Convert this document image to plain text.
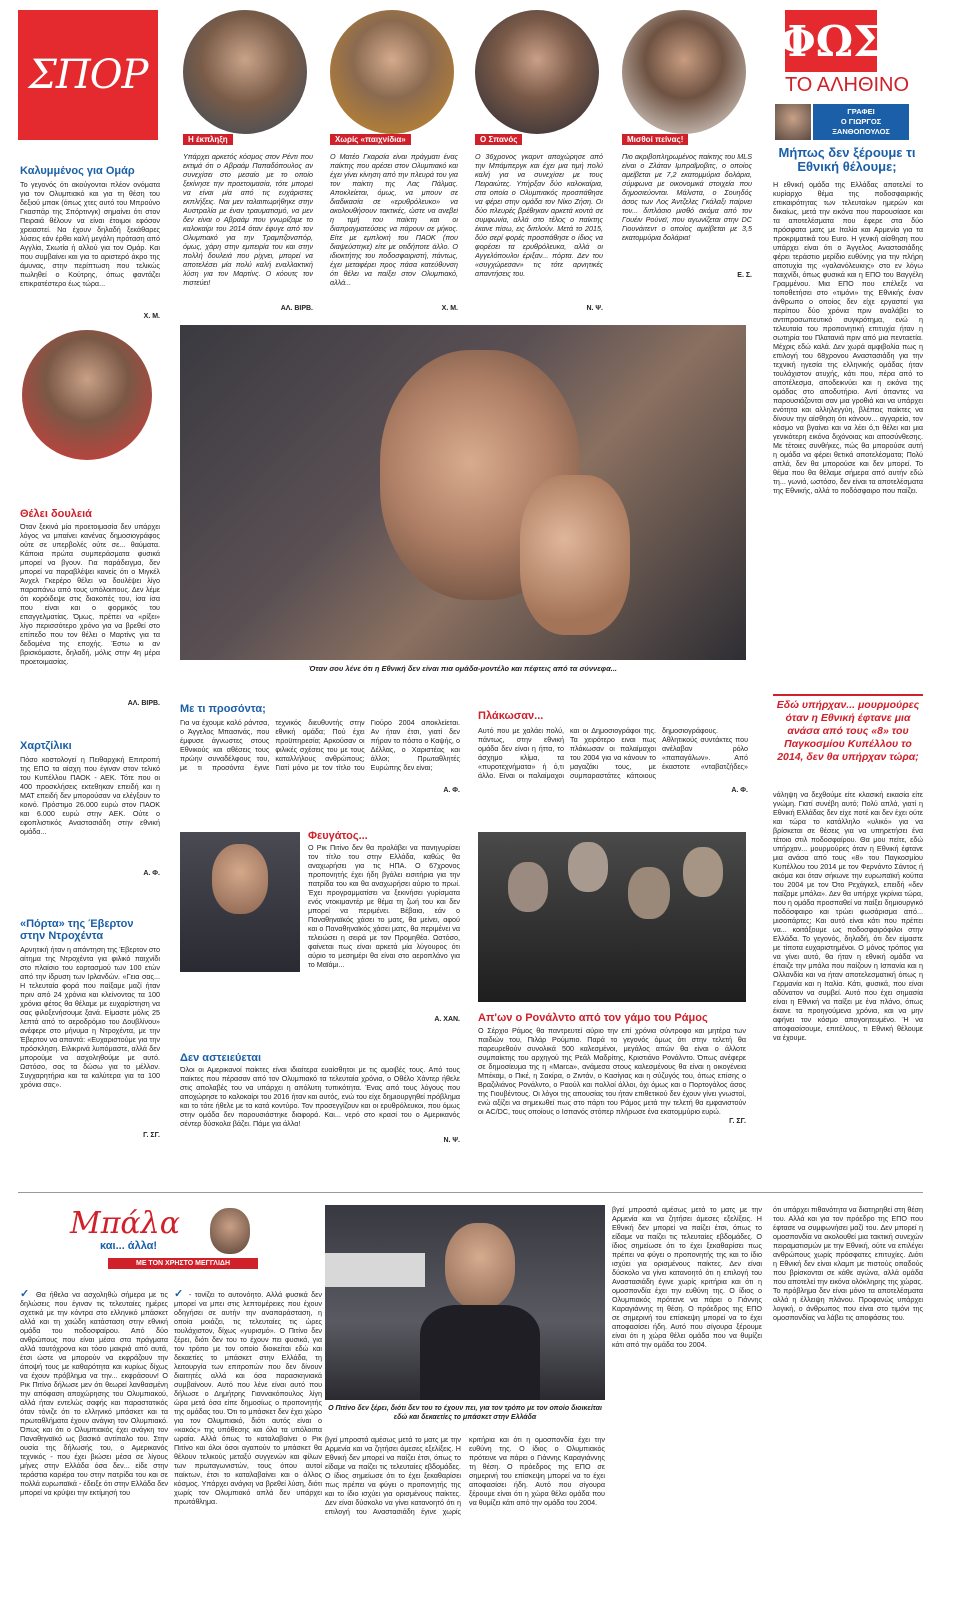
ΣΠΟΡ
Η έκπληξη	Χωρίς «παιχνίδια»	Ο Σπανός	Μισθοί πείνας!
ΦΩΣ
ΤΟ ΑΛΗΘΙΝΟ
ΓΡΑΦΕΙ
Ο ΓΙΩΡΓΟΣ ΞΑΝΘΟΠΟΥΛΟΣ
Μήπως δεν ξέρουμε τι Εθνική θέλουμε;
Η εθνική ομάδα της Ελλάδας αποτελεί το κυρίαρχο θέμα της ποδοσφαιρικής επικαιρότητας των τελευταίων ημερών και δικαίως, μετά την εικόνα που παρουσίασε και τα αποτελέσματα που έφερε στα δύο πρόσφατα ματς με Ιταλία και Αρμενία για τα προκριματικά του Euro. Η γενική αίσθηση που υπάρχει είναι ότι ο Άγγελος Αναστασιάδης φέρει τεράστιο μερίδιο ευθύνης για την πλήρη αποτυχία της «γαλανόλευκης» στο εν λόγω παιχνίδι, όπως φυσικά και η ΕΠΟ του Βαγγέλη Γραμμένου. Μια ΕΠΟ που επέλεξε να τοποθετήσει στο «τιμόνι» της Εθνικής έναν άνθρωπο ο οποίος δεν είχε εργαστεί για περίπου δύο χρόνια πριν αναλάβει το αντιπροσωπευτικό συγκρότημα, ενώ η τελευταία του προπονητική επιτυχία ήταν η σωτηρία του Πλατανιά πριν από μια πενταετία. Μέχρις εδώ καλά. Δεν χωρά αμφιβολία πως η επιλογή του 68χρονου Αναστασιάδη για την τεχνική ηγεσία της ελληνικής ομάδας ήταν τουλάχιστον ατυχής, κάτι που, πέρα από το αποτέλεσμα, αποδεικνύει και η εικόνα της ομάδας στο αποδυτήριο. Αντί όπαντες να παρουσιάζονται σαν μια γροθιά και να υπάρχει ενότητα και αλληλεγγύη, βλέπεις παίκτες να δίνουν την αίσθηση ότι κάνουν... αγγαρεία, τον κόσμο να βγαίνει και να λέει ό,τι θέλει και μια γενικότερη εικόνα διχόνοιας και αποσύνθεσης. Με τέτοιες συνθήκες, πώς θα μπορούσε αυτή η ομάδα να φέρει θετικά αποτελέσματα; Πολύ απλά, δεν θα μπορούσε και δεν μπορεί. Το θέμα που θα θέλαμε σήμερα από αυτήν εδώ τη... γωνιά, ωστόσο, δεν είναι τα αποτελέσματα της Εθνικής, αλλά το ποδόσφαιρο που παίζει.
Εδώ υπήρχαν... μουρμούρες όταν η Εθνική έφτανε μια ανάσα από τους «8» του Παγκοσμίου Κυπέλλου το 2014, δεν θα υπήρχαν τώρα;
νάληψη να δεχθούμε είτε κλασική εικασία είτε γνώμη. Γιατί συνέβη αυτό; Πολύ απλά, γιατί η Εθνική Ελλάδας δεν είχε ποτέ και δεν έχει ούτε και τώρα το κατάλληλο «υλικό» για να βρίσκεται σε θέσεις για να υπηρετήσει ένα τέτοιο στιλ ποδοσφαίρου. Θα μου πείτε, εδώ υπήρχαν... μουρμούρες όταν η Εθνική έφτανε μια ανάσα από τους «8» του Παγκοσμίου Κυπέλλου του 2014 με τον Φερνάντο Σάντος ή ακόμα και όταν σήκωνε την ευρωπαϊκή κούπα του 2004 με τον Ότο Ρεχάγκελ, επειδή «δεν παίζαμε μπάλα». Δεν θα υπήρχε γκρίνια τώρα, που η ομάδα προσπαθεί να παίξει δημιουργικό ποδόσφαιρο και τρώει φωσάρισμα από... μισοπάρτες; Και αυτό είναι κάτι που πρέπει να... κοιτάξουμε ως ποδοσφαιρόφιλοι στην Ελλάδα. Το γεγονός, δηλαδή, ότι δεν είμαστε με τίποτα ευχαριστημένοι. Ο μόνος τρόπος για να γίνει αυτό, θα ήταν η εθνική ομάδα να έπαιζε την μπάλα που παίζουν η Ισπανία και η Ολλανδία και να ήταν αποτελεσματική όπως η Γερμανία και η Ιταλία. Κάτι, φυσικά, που είναι αδύνατον να συμβεί. Αυτό που έχει σημασία είναι η Εθνική να παίξει με ένα πλάνο, όπως έκανε τα προηγούμενα χρόνια, και να μην αφήνει τον κόσμο απογοητευμένο. Ή να αποφασίσουμε, επιτέλους, τι Εθνική θέλουμε να έχουμε.
Υπάρχει αρκετός κόσμος στον Ρέντι που εκτιμά ότι ο Αβραάμ Παπαδόπουλος αν συνεχίσει στο μεσαίο με το οποίο ξεκίνησε την προετοιμασία, τότε μπορεί να είναι μία από τις ευχάριστες εκπλήξεις. Ναι μεν ταλαιπωρήθηκε στην Αυστραλία με έναν τραυματισμό, να μεν δεν είναι ο Αβραάμ που γνωρίζαμε το καλοκαίρι του 2014 όταν έφυγε από τον Ολυμπιακό για την Τραμπζονσπόρ, όμως, χάρη στην εμπειρία του και στην πολλή δουλειά που ρίχνει, μπορεί να αποτελέσει μία πολύ καλή εναλλακτική λύση για τον Μαρτίνς. Ο κόουτς τον πιστεύει!
ΑΛ. ΒΙΡΒ.
Ο Ματέο Γκαρσία είναι πράγματι ένας παίκτης που αρέσει στον Ολυμπιακό και έχει γίνει κίνηση από την πλευρά του για τον παίκτη της Λας Πάλμας. Αποκλείεται, όμως, να μπουν σε διαδικασία σε «ερυθρόλευκο» να ακολουθήσουν τακτικές, ώστε να ανεβεί η τιμή του παίκτη και οι διαπραγματεύσεις να πάρουν σε μήκος. Είτε με εμπλοκή του ΠΑΟΚ (που διαψεύστηκε) είτε με οτιδήποτε άλλο. Ο ιδιοκτήτης του ποδοσφαιριστή, πάντως, έχει μεταφέρει προς πάσα κατεύθυνση ότι θέλει να παίξει στον Ολυμπιακό, αλλά...
Χ. Μ.
Ο 36χρονος γκαρντ αποχώρησε από την Μπάμπεργκ και έχει μια τιμή πολύ καλή για να συνεχίσει με τους Πειραιώτες. Υπήρξαν δύο καλοκαίρια, στα οποία ο Ολυμπιακός προσπάθησε να φέρει στην ομάδα τον Νίκο Ζήση. Οι δύο πλευρές βρέθηκαν αρκετά κοντά σε συμφωνία, αλλά στο τέλος ο παίκτης έκανε πίσω, εις διπλούν. Μετά το 2015, δύο σερί φορές προσπάθησε ο ίδιος να φορέσει τα ερυθρόλευκα, αλλά οι Αγγελόπουλοι έριξαν... πόρτα. Δεν του «συγχώρεσαν» τις τότε αρνητικές απαντήσεις του.
Ν. Ψ.
Πιο ακριβοπληρωμένος παίκτης του MLS είναι ο Ζλάταν Ιμπραΐμοβιτς, ο οποίος αμείβεται με 7,2 εκατομμύρια δολάρια, σύμφωνα με οικονομικά στοιχεία που δημοσιεύονται. Μάλιστα, ο Σουηδός άσος των Λος Άντζελες Γκάλαξι παίρνει τον... διπλάσιο μισθό ακόμα από τον Γουέιν Ρούνεϊ, που αγωνίζεται στην DC Γιουνάιτεντ ο οποίος αμείβεται με 3,5 εκατομμύρια δολάρια!
Ε. Σ.
Καλυμμένος για Ομάρ
Το γεγονός ότι ακούγονται πλέον ονόματα για τον Ολυμπιακό και για τη θέση του δεξιού μπακ (όπως χτες αυτό του Μπρούνο Γκασπάρ της Σπόρτινγκ) σημαίνει ότι στον Πειραιά θέλουν να είναι έτοιμοι εφόσον χρειαστεί. Να έχουν δηλαδή ξεκάθαρες λύσεις εάν έρθει καλή μεγάλη πρόταση από Αγγλία, Σκωτία ή αλλού για τον Ομάρ. Και που συμβαίνει και για το αριστερό άκρο της άμυνας, στην περίπτωση που τελικώς πωληθεί ο Κούτρης, όπως φαντάζει επικρατέστερο έως τώρα...
Χ. Μ.
Θέλει δουλειά
Όταν ξεκινά μία προετοιμασία δεν υπάρχει λόγος να μπαίνει κανένας δημοσιογράφος ούτε σε υπερβολές ούτε σε... θαύματα. Κάποια πρώτα συμπεράσματα φυσικά μπορεί να βγουν. Για παράδειγμα, δεν μπορεί να παραβλέψει κανείς ότι ο Μιγκέλ Άνχελ Γκερέρο θέλει να δουλέψει λίγο παραπάνω από τους υπόλοιπους. Δεν λέμε ότι κορόιδεψε στις διακοπές του, ίσα ίσα που είναι και ο φορμικός του επαγγελματίας. Όμως, πρέπει να «ρίξει» λίγο περισσότερο χρόνο για να βρεθεί στο επίπεδο που τον θέλει ο Μαρτίνς για τα δεδομένα της εποχής. Έστω κι αν βρισκόμαστε, δηλαδή, μόλις στην 4η μέρα προετοιμασίας.
ΑΛ. ΒΙΡΒ.
Χαρτζίλικι
Πόσο κοστολογεί η Πειθαρχική Επιτροπή της ΕΠΟ τα αίσχη που έγιναν στον τελικό του Κυπέλλου ΠΑΟΚ - ΑΕΚ. Τότε που οι 400 προσκλήσεις εκτεθηκαν επειδή και η ΜΑΤ επειδή δεν μπορούσαν να ελέγξουν το κοινό. Πρόστιμο 26.000 ευρώ στον ΠΑΟΚ και 6.000 ευρώ στην ΑΕΚ. Ούτε ο εφοπλιστικός Αναστασιάδη στην εθνική ομάδα...
Α. Φ.
«Πόρτα» της Έβερτον στην Ντροχέντα
Αρνητική ήταν η απάντηση της Έβερτον στο αίτημα της Ντροχέντα για φιλικό παιχνίδι στο πλαίσιο του εορτασμού των 100 ετών από την ίδρυση των Ιρλανδών. «Γεια σας... Η τελευταία φορά που παίξαμε μαζί ήταν πριν από 24 χρόνια και κλείνοντας τα 100 χρόνια φέτος θα θέλαμε με ευχαρίστηση να σας φιλοξενήσουμε ξανά. Είμαστε μόλις 25 λεπτά από το αεροδρόμιο του Δουβλίνου» ανέφερε στο μήνυμα η Ντροχέντα, με την Έβερτον να απαντά: «Ευχαριστούμε για την πρόσκληση. Ειλικρινά λυπόμαστε, αλλά δεν μπορούμε να ασχοληθούμε με αυτό. Ωστόσο, σας τα δώσω για το μέλλον. Συγχαρητήρια και τα καλύτερα για τα 100 χρόνια σας».
Γ. ΣΓ.
Όταν σου λένε ότι η Εθνική δεν είναι πια ομάδα-μοντέλο και πέφτεις από τα σύννεφα...
Με τι προσόντα;
Για να έχουμε καλό ράντσα, ο Άγγελος Μπασινάς, που έμφυσε άγνωστες στους Εθνικούς και αθέσεις τους πρώην συναδέλφους του, με τι προσόντα έγινε τεχνικός διευθυντής στην εθνική ομάδα; Πού έχει προϋπηρεσία; Αρκούσαν οι φιλικές σχέσεις του με τους καταλλήλους ανθρώπους; Γιατί μόνο με τον τίτλο του Γιούρο 2004 αποκλείεται. Αν ήταν έτσι, γιατί δεν πήραν το πόστο ο Καψής, ο Δέλλας, ο Χαριστέας και άλλοι; Πρωταθλητές Ευρώπης δεν είναι;
Α. Φ.
Πλάκωσαν...
Αυτό που με χαλάει πολύ, πάντως, στην εθνική ομάδα δεν είναι η ήττα, το άσχημο κλίμα, τα «πυροτεχνήματα» ή ό,τι άλλο. Είναι οι παλαίμαχοι και οι Δημοσιογράφοι της. Τα χειρότερο ειναι πως πλάκωσαν οι παλαίμαχοι του 2004 για να κάνουν το μαγαζάκι τους, με συμπαραστάτες κάποιους δημοσιογράφους. Αθλητικούς συντάκτες που ανέλαβαν ρόλο «παπαγάλων». Από έκαστοτε «νταβατζήδες»
Α. Φ.
Φευγάτος...
Ο Ρικ Πιτίνο δεν θα προλάβει να πανηγυρίσει τον τίτλο του στην Ελλάδα, καθώς θα αναχωρήσει για τις ΗΠΑ. Ο 67χρονος προπονητής έχει ήδη βγάλει εισιτήρια για την πατρίδα του και θα αναχωρήσει αύριο το πρωί. Έχει προγραμματίσει να ξεκινήσει γυρίσματα ενός ντοκιμαντέρ με θέμα τη ζωή του και δεν μπορεί να περιμένει. Βέβαια, εάν ο Παναθηναϊκός χάσει το ματς, θα μείνει, αφού και ο Παναθηναϊκός χάσει ματς, θα περιμένει να τελειώσει η σειρά με τον Προμηθέα. Ωστόσο, φαίνεται πως είναι αρκετά μία λύγουρος ότι αύριο το μεσημέρι θα είναι στο αεροπλάνο για το Μαϊάμι...
Α. ΧΑΝ. Απ'ων ο Ρονάλντο από τον γάμο του Ράμος
Ο Σέρχιο Ράμος θα παντρευτεί αύριο την επί χρόνια σύντροφο και μητέρα των παιδιών του, Πιλάρ Ρούμπιο. Παρά το γεγονός όμως ότι στην τελετή θα παρευρεθούν συνολικά 500 καλεσμένοι, μεγάλος απών θα είναι ο άλλοτε συμπαίκτης του αρχηγού της Ρεάλ Μαδρίτης, Κριστιάνο Ρονάλντο. Όπως ανέφερε σε δημοσίευμα της η «Marca», ανάμεσα στους καλεσμένους θα είναι η οικογένεια Μπέκαμ, ο Πικέ, η Σακίρα, ο Ζιντάν, ο Κασίγιας και η σύζυγός του, όπως επίσης ο Βραζιλιάνος Ρονάλντο, ο Ραούλ και πολλοί άλλοι, όχι όμως και ο Πορτογάλος άσος της Γιουβέντους. Οι λόγοι της απουσίας του ήταν επιθετικού δεν έχουν γίνει γνωστοί, ενώ αξίζει να σημειωθεί πως στο πάρτι του Ράμος μετά την τελετή θα εμφανιστούν οι AC/DC, τους οποίους ο Ισπανός στόπερ πλήρωσε ένα εκατομμύριο ευρώ.
Γ. ΣΓ.
Δεν αστειεύεται
Όλοι οι Αμερικανοί παίκτες είναι ιδιαίτερα ευαίσθητοι με τις αμοιβές τους. Από τους παίκτες που πέρασαν από τον Ολυμπιακό τα τελευταία χρόνια, ο Οθέλο Χάντερ ήθελε στις απολαβές του να υπάρχει η απόλυτη τυπικότητα. Ένας από τους λόγους που αποχώρησε το καλοκαίρι του 2016 ήταν και αυτός, ενώ του είχε δημιουργηθεί πρόβλημα και το τότε ήθελε με τα κατά κοντύρο. Τον προσεγγίζουν και οι ερυθρόλευκοι, που όμως στην ομάδα δεν παρουσιάστηκε διαφορά. Και... νερό στο κρασί του ο Αμερικανός σέντερ δύσκολα βάζει. Πάμε για άλλα!
Ν. Ψ.
Μπάλα
και... άλλα!
ΜΕ ΤΟΝ ΧΡΗΣΤΟ ΜΕΓΓΛΙΔΗ
✓ Θα ήθελα να ασχοληθώ σήμερα με τις δηλώσεις που έγιναν τις τελευταίες ημέρες σχετικά με την κόντρα στο ελληνικό μπάσκετ αλλά και τη χαώδη κατάσταση στην εθνική ομάδα του ποδοσφαίρου. Από δύο ανθρώπους που είναι μέσα στα πράγματα αλλά ταυτόχρονα και τόσο μακριά από αυτά, έτσι ώστε να μπορούν να εκφράζουν την άποψή τους με καθαρότητα και κυρίως δίχως να έχουν πρόβλημα να την... εκφράσουν! Ο Ρικ Πιτίνο δήλωσε μεν ότι θεωρεί λανθασμένη την απόφαση αποχώρησης του Ολυμπιακού, αλλά ήταν εντελώς σαφής και παραστατικός όταν τόνιζε ότι το ελληνικό μπάσκετ και τα πρωταθλήματα έχουν ανάγκη τον Ολυμπιακό. Όπως και ότι ο Ολυμπιακός έχει ανάγκη τον Παναθηναϊκό ως βασικό αντίπαλο του. Στην ουσία της δήλωσής του, ο Αμερικανός τεχνικός - που έχει βιώσει μέσα σε λίγους μήνες στην Ελλάδα όσα δεν... είδε στην τεράστια καριέρα του στην πατρίδα του και σε πολλά ευρωπαϊκά - έδειξε ότι στην Ελλάδα δεν μπορεί να κρύψει την εκτίμησή του
✓ - τονίζει το αυτονόητο. Αλλά φυσικά δεν μπορεί να μπει στις λεπτομέρειες που έχουν οδηγήσει σε αυτήν την αναπαράσταση, η οποία μοιάζει, τις τελευταίες τις ώρες τουλάχιστον, δίχως «γυρισμό». Ο Πιτίνο δεν ξέρει, διότι δεν του το έχουν πει φυσικά, για τον τρόπο με τον οποίο διοικείται εδώ και δεκαετίες το μπάσκετ στην Ελλάδα, τη λειτουργία των επιτροπών που δεν δίνουν διαιτητές αλλά και όσα παρασκηνιακά συμβαίνουν. Αυτό που λένε είναι αυτό που δήλωσε ο Δημήτρης Γιαννακόπουλος λίγη ώρα μετά όσα είπε δημοσίως ο προπονητής της ομάδας του. Ότι το μπάσκετ δεν έχει χώρο για τον Ολυμπιακό, διότι αυτός είναι ο «κακός» της υπόθεσης και όλα τα υπόλοιπα ωραία. Αλλά όπως το καταλαβαίνει ο Ρικ Πιτίνο και όλοι όσοι αγαπούν το μπάσκετ θα θέλουν τελικούς μεταξύ συγγενών και φίλων των πρωταγωνιστών, τους όπου αυτοί παίκτων, έτσι το καταλαβαίνει και ο άλλος κόσμος. Υπάρχει ανάγκη να βρεθεί λύση, διότι χωρίς τον Ολυμπιακό απλά δεν υπάρχει πρωτάθλημα.
Ο Πιτίνο δεν ξέρει, διότι δεν του το έχουν πει, για τον τρόπο με τον οποίο διοικείται εδώ και δεκαετίες το μπάσκετ στην Ελλάδα
βγεί μπροστά αμέσως μετά το ματς με την Αρμενία και να ζητήσει άμεσες εξελίξεις. Η Εθνική δεν μπορεί να παίζει έτσι, όπως το είδαμε να παίζει τις τελευταίες εβδομάδες. Ο ίδιος σημείωσε ότι το έχει ξεκαθαρίσει πως πρέπει να φύγει ο προπονητής της και το ίδιο ισχύει για ορισμένους παίκτες. Δεν είναι δύσκολο να γίνει κατανοητό ότι η επιλογή του Αναστασιάδη έγινε χωρίς κριτήρια και ότι η ομοσπονδία έχει την ευθύνη της. Ο ίδιος ο Ολυμπιακός πρότεινε να πάρει ο Γιάννης Καραγιάννης τη θέση. Ο πρόεδρος της ΕΠΟ σε σημερινή του επίσκεψη μπορεί να το έχει αποφασίσει ήδη. Αυτό που σίγουρα ξέρουμε είναι ότι η χώρα θέλει ομάδα που να θυμίζει κάτι από την ομάδα του 2004.
βγεί μπροστά αμέσως μετά το ματς με την Αρμενία και να ζητήσει άμεσες εξελίξεις. Η Εθνική δεν μπορεί να παίζει έτσι, όπως το είδαμε να παίζει τις τελευταίες εβδομάδες. Ο ίδιος σημείωσε ότι το έχει ξεκαθαρίσει πως πρέπει να φύγει ο προπονητής της και το ίδιο ισχύει για ορισμένους παίκτες. Δεν είναι δύσκολο να γίνει κατανοητό ότι η επιλογή του Αναστασιάδη έγινε χωρίς κριτήρια και ότι η ομοσπονδία έχει την ευθύνη της. Ο ίδιος ο Ολυμπιακός πρότεινε να πάρει ο Γιάννης Καραγιάννης τη θέση. Ο πρόεδρος της ΕΠΟ σε σημερινή του επίσκεψη μπορεί να το έχει αποφασίσει ήδη. Αυτό που σίγουρα ξέρουμε είναι ότι η χώρα θέλει ομάδα που να θυμίζει κάτι από την ομάδα του 2004.
ότι υπάρχει πιθανότητα να διατηρηθεί στη θέση του. Αλλά και για τον πρόεδρο της ΕΠΟ που έφτασε να συμφωνήσει μαζί του. Δεν μπορεί η ομοσπονδία να ακολουθεί μια τακτική συνεχών πειραματισμών με την Εθνική, ούτε να επιλέγει ανθρώπους χωρίς πρόσφατες επιτυχίες. Διότι η Εθνική δεν είναι κλαμπ με πιστούς οπαδούς που βρίσκονται σε κάθε αγώνα, αλλά ομάδα που αποτελεί την εικόνα ολόκληρης της χώρας. Το πρόβλημα δεν είναι μόνο τα αποτελέσματα αλλά η έλλειψη πλάνου. Προφανώς υπάρχει λογική, ο άνθρωπος που είναι στο τιμόνι της ομοσπονδίας να λάβει τις αποφάσεις του.
